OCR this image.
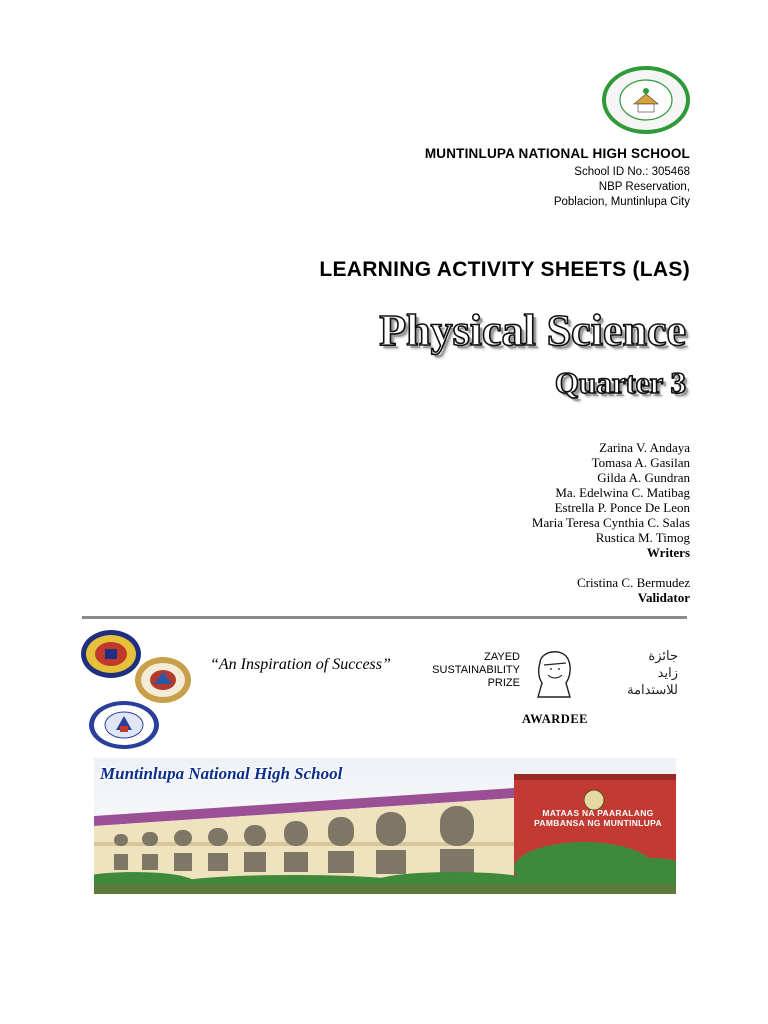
MUNTINLUPA NATIONAL HIGH SCHOOL
School ID No.: 305468
NBP Reservation,
Poblacion, Muntinlupa City
LEARNING ACTIVITY SHEETS (LAS)
Physical Science
Quarter 3
Zarina V. Andaya
Tomasa A. Gasilan
Gilda A. Gundran
Ma. Edelwina C. Matibag
Estrella P. Ponce De Leon
Maria Teresa Cynthia C. Salas
Rustica M. Timog
Writers
Cristina C. Bermudez
Validator
“An Inspiration of Success”	ZAYED
SUSTAINABILITY
PRIZE
جائزة
زايد
للاستدامة
AWARDEE
Muntinlupa National High School
MATAAS NA PAARALANG
PAMBANSA NG MUNTINLUPA
